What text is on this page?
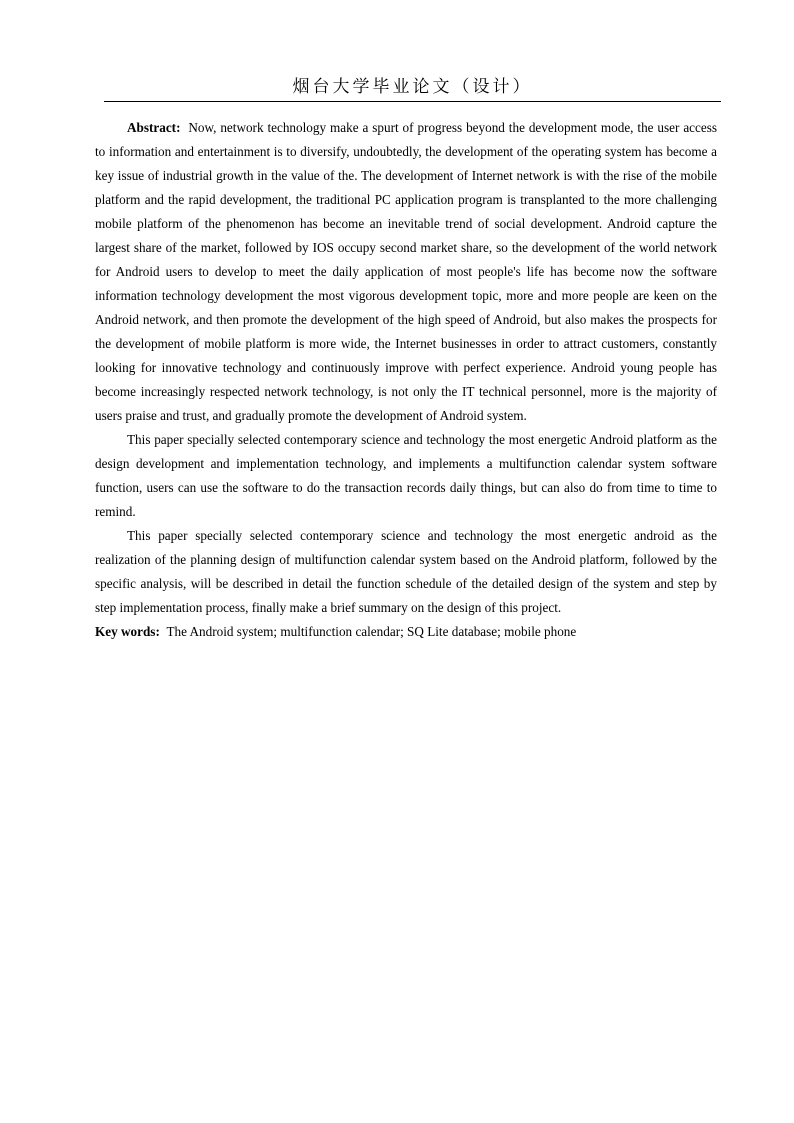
烟台大学毕业论文（设计）

Abstract: Now, network technology make a spurt of progress beyond the development mode, the user access to information and entertainment is to diversify, undoubtedly, the development of the operating system has become a key issue of industrial growth in the value of the. The development of Internet network is with the rise of the mobile platform and the rapid development, the traditional PC application program is transplanted to the more challenging mobile platform of the phenomenon has become an inevitable trend of social development. Android capture the largest share of the market, followed by IOS occupy second market share, so the development of the world network for Android users to develop to meet the daily application of most people's life has become now the software information technology development the most vigorous development topic, more and more people are keen on the Android network, and then promote the development of the high speed of Android, but also makes the prospects for the development of mobile platform is more wide, the Internet businesses in order to attract customers, constantly looking for innovative technology and continuously improve with perfect experience. Android young people has become increasingly respected network technology, is not only the IT technical personnel, more is the majority of users praise and trust, and gradually promote the development of Android system.

This paper specially selected contemporary science and technology the most energetic Android platform as the design development and implementation technology, and implements a multifunction calendar system software function, users can use the software to do the transaction records daily things, but can also do from time to time to remind.

This paper specially selected contemporary science and technology the most energetic android as the realization of the planning design of multifunction calendar system based on the Android platform, followed by the specific analysis, will be described in detail the function schedule of the detailed design of the system and step by step implementation process, finally make a brief summary on the design of this project.

Key words: The Android system; multifunction calendar; SQ Lite database; mobile phone
